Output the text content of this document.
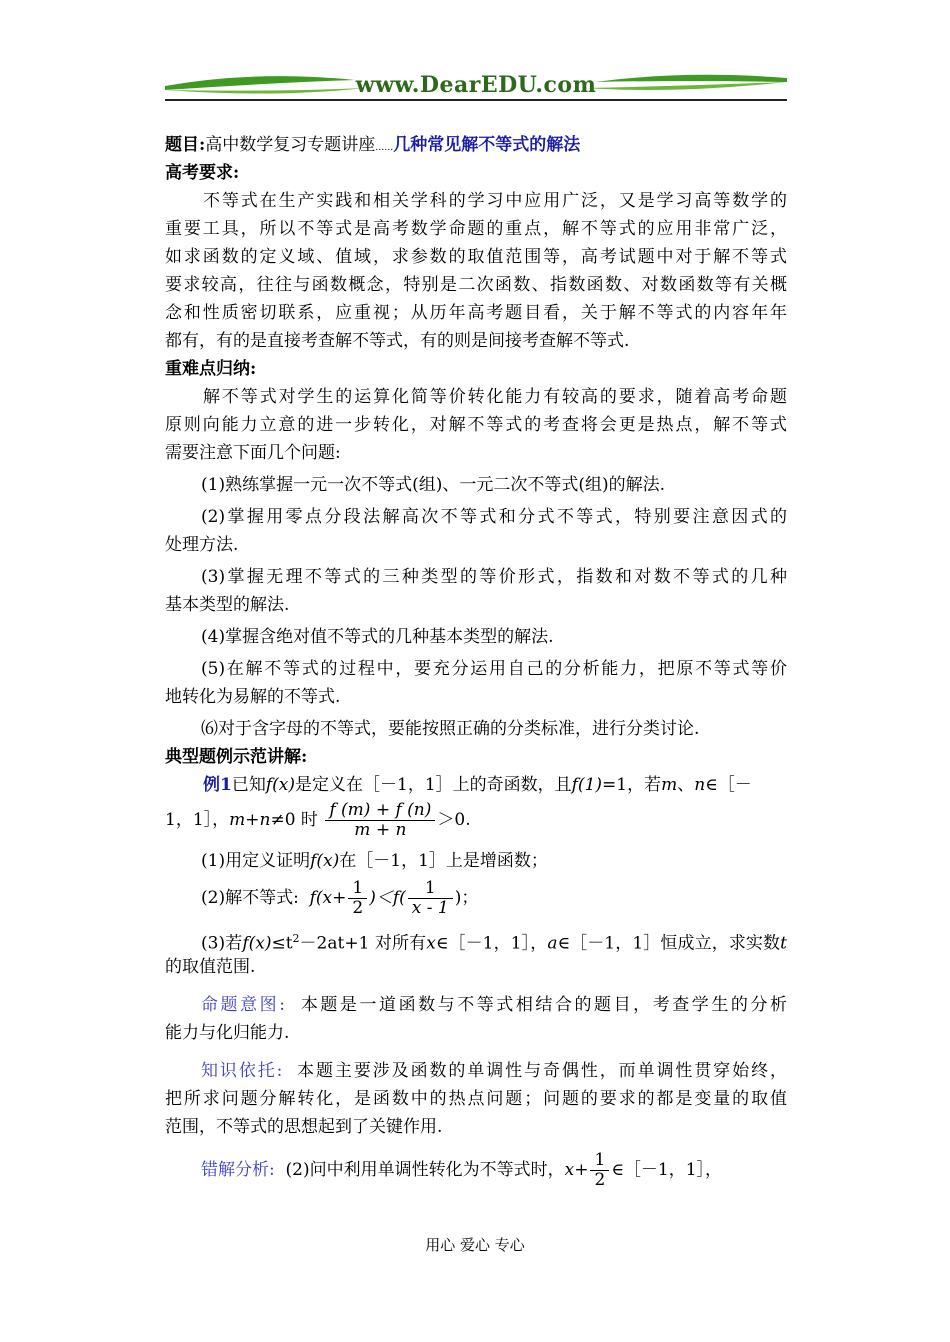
www.DearEDU.com
题目:高中数学复习专题讲座……几种常见解不等式的解法
高考要求:
不等式在生产实践和相关学科的学习中应用广泛，又是学习高等数学的
重要工具，所以不等式是高考数学命题的重点，解不等式的应用非常广泛，
如求函数的定义域、值域，求参数的取值范围等，高考试题中对于解不等式
要求较高，往往与函数概念，特别是二次函数、指数函数、对数函数等有关概
念和性质密切联系，应重视；从历年高考题目看，关于解不等式的内容年年
都有，有的是直接考查解不等式，有的则是间接考查解不等式.
重难点归纳:
解不等式对学生的运算化简等价转化能力有较高的要求，随着高考命题
原则向能力立意的进一步转化，对解不等式的考查将会更是热点，解不等式
需要注意下面几个问题:
(1)熟练掌握一元一次不等式(组)、一元二次不等式(组)的解法.
(2)掌握用零点分段法解高次不等式和分式不等式，特别要注意因式的
处理方法.
(3)掌握无理不等式的三种类型的等价形式，指数和对数不等式的几种
基本类型的解法.
(4)掌握含绝对值不等式的几种基本类型的解法.
(5)在解不等式的过程中，要充分运用自己的分析能力，把原不等式等价
地转化为易解的不等式.
⑹对于含字母的不等式，要能按照正确的分类标准，进行分类讨论.
典型题例示范讲解:
例1已知f(x)是定义在［－1，1］上的奇函数，且f(1)=1，若m、n∈［－
1，1］，m+n≠0 时 $\frac{f (m) + f (n)}{m + n} >0$.
(1)用定义证明f(x)在［－1，1］上是增函数；
(2)解不等式: $f(x+ \frac{1}{2} )<f( \frac{1}{x - 1}$ )；
(3)若$f(x)\le t^2-2at+1$ 对所有x∈［－1，1］，a∈［－1，1］恒成立，求实数t
的取值范围.
命题意图: 本题是一道函数与不等式相结合的题目，考查学生的分析
能力与化归能力.
知识依托: 本题主要涉及函数的单调性与奇偶性，而单调性贯穿始终，
把所求问题分解转化，是函数中的热点问题；问题的要求的都是变量的取值
范围，不等式的思想起到了关键作用.
错解分析: (2)问中利用单调性转化为不等式时，$x+ \frac{1}{2}$ ∈［－1，1］，
用心 爱心 专心
